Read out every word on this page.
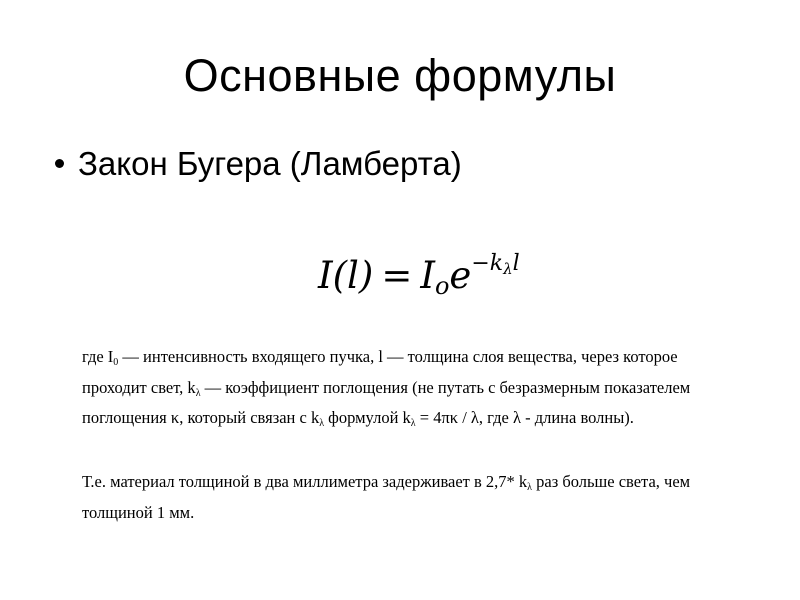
Основные формулы
Закон Бугера (Ламберта)
$I(l) = I_oe^{-k\lambda l}$
где I0 — интенсивность входящего пучка, l — толщина слоя вещества, через которое проходит свет, kλ — коэффициент поглощения (не путать с безразмерным показателем поглощения κ, который связан с kλ формулой kλ = 4πκ / λ, где λ - длина волны).
Т.е. материал толщиной в два миллиметра задерживает в 2,7* kλ раз больше света, чем толщиной 1 мм.
